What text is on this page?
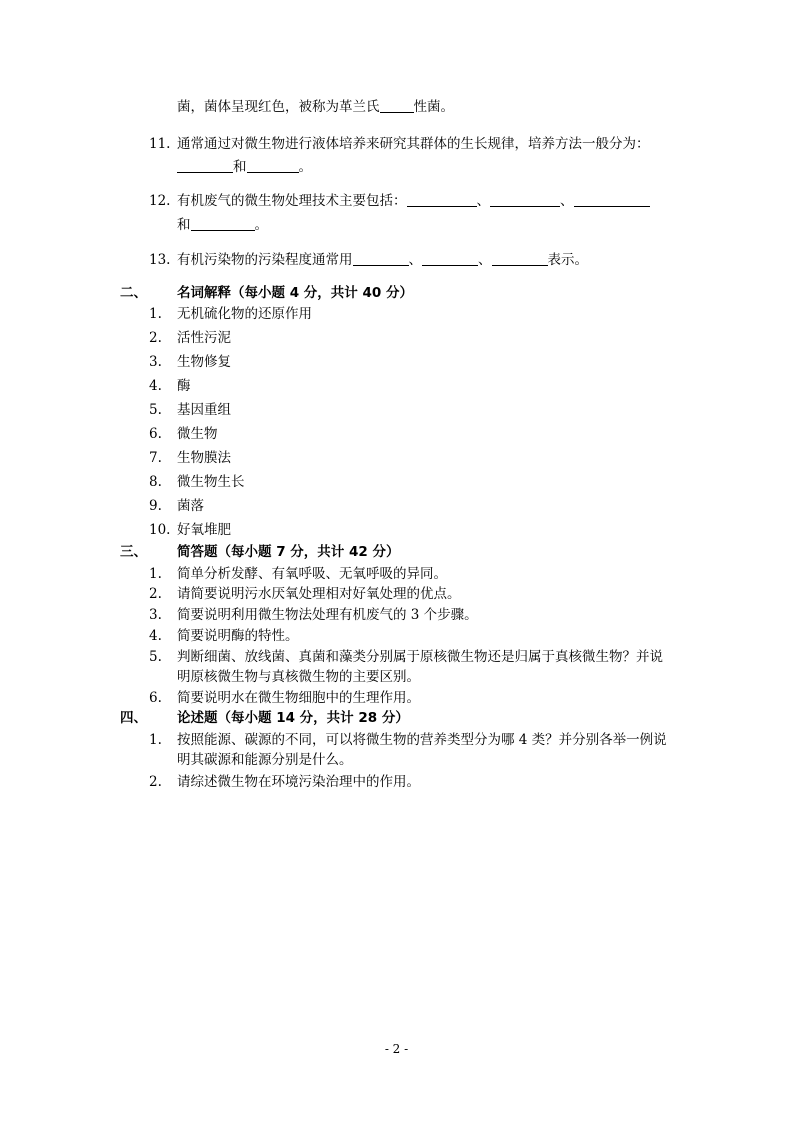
菌，菌体呈现红色，被称为革兰氏	性菌。
11. 通常通过对微生物进行液体培养来研究其群体的生长规律，培养方法一般分为：
和	。
12. 有机废气的微生物处理技术主要包括：	、	、
和	。
13. 有机污染物的污染程度通常用	、	、	表示。
二、 名词解释（每小题 4 分，共计 40 分）
1.	无机硫化物的还原作用
2.	活性污泥
3.	生物修复
4.	酶
5.	基因重组
6.	微生物
7.	生物膜法
8.	微生物生长
9.	菌落
10. 好氧堆肥
三、 简答题（每小题 7 分，共计 42 分）
1.	简单分析发酵、有氧呼吸、无氧呼吸的异同。
2.	请简要说明污水厌氧处理相对好氧处理的优点。
3.	简要说明利用微生物法处理有机废气的 3 个步骤。
4.	简要说明酶的特性。
5.	判断细菌、放线菌、真菌和藻类分别属于原核微生物还是归属于真核微生物？并说
明原核微生物与真核微生物的主要区别。
6.	简要说明水在微生物细胞中的生理作用。
四、 论述题（每小题 14 分，共计 28 分）
1.	按照能源、碳源的不同，可以将微生物的营养类型分为哪 4 类？并分别各举一例说
明其碳源和能源分别是什么。
2.	请综述微生物在环境污染治理中的作用。
- 2 -
